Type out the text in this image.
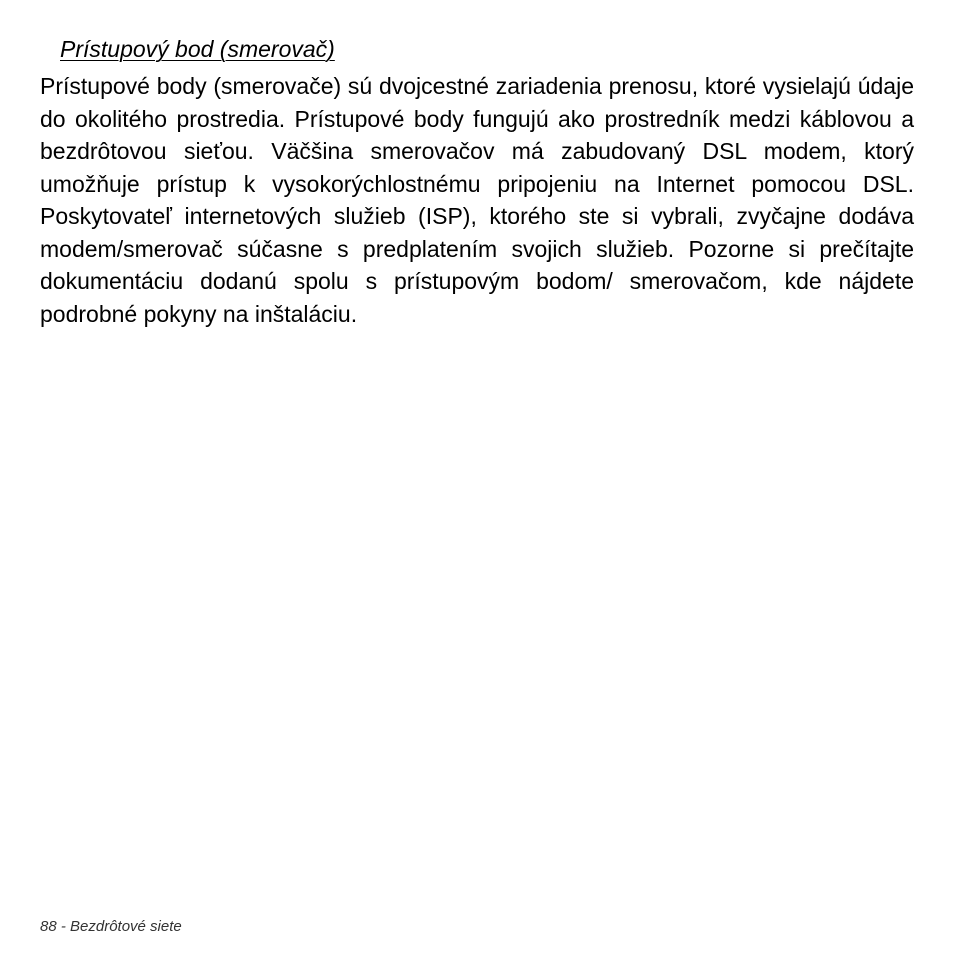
Prístupový bod (smerovač)

Prístupové body (smerovače) sú dvojcestné zariadenia prenosu, ktoré vysielajú údaje do okolitého prostredia. Prístupové body fungujú ako prostredník medzi káblovou a bezdrôtovou sieťou. Väčšina smerovačov má zabudovaný DSL modem, ktorý umožňuje prístup k vysokorýchlostnému pripojeniu na Internet pomocou DSL. Poskytovateľ internetových služieb (ISP), ktorého ste si vybrali, zvyčajne dodáva modem/smerovač súčasne s predplatením svojich služieb. Pozorne si prečítajte dokumentáciu dodanú spolu s prístupovým bodom/ smerovačom, kde nájdete podrobné pokyny na inštaláciu.

88 - Bezdrôtové siete
